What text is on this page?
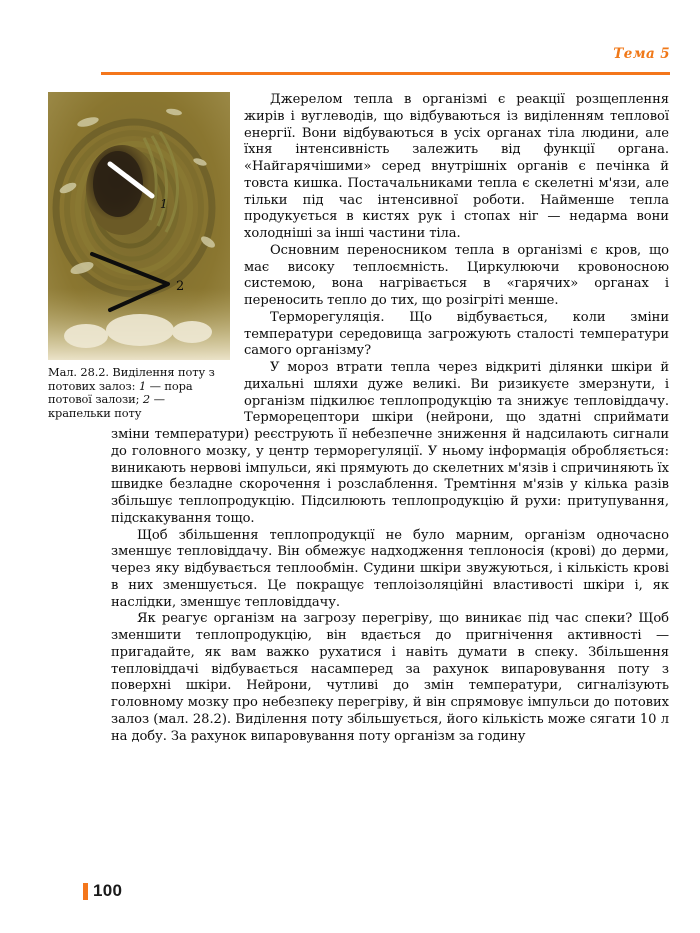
Тема 5
1
2
Мал. 28.2. Виділення поту з потових залоз: 1 — пора потової залози; 2 — крапельки поту

Джерелом тепла в організмі є реакції розщеплення жирів і вуглеводів, що відбуваються із виділенням теплової енергії. Вони відбуваються в усіх органах тіла людини, але їхня інтенсивність залежить від функції органа. «Найгарячішими» серед внутрішніх органів є печінка й товста кишка. Постачальниками тепла є скелетні м'язи, але тільки під час інтенсивної роботи. Найменше тепла продукується в кистях рук і стопах ніг — недарма вони холодніші за інші частини тіла.

Основним переносником тепла в організмі є кров, що має високу теплоємність. Циркулюючи кровоносною системою, вона нагрівається в «гарячих» органах і переносить тепло до тих, що розігріті менше.

Терморегуляція. Що відбувається, коли зміни температури середовища загрожують сталості температури самого організму?

У мороз втрати тепла через відкриті ділянки шкіри й дихальні шляхи дуже великі. Ви ризикуєте змерзнути, і організм підкилює теплопродукцію та знижує тепловіддачу. Терморецептори шкіри (нейрони, що здатні сприймати зміни температури) реєструють її небезпечне зниження й надсилають сигнали до головного мозку, у центр терморегуляції. У ньому інформація обробляється: виникають нервові імпульси, які прямують до скелетних м'язів і спричиняють їх швидке безладне скорочення і розслаблення. Тремтіння м'язів у кілька разів збільшує теплопродукцію. Підсилюють теплопродукцію й рухи: притупування, підскакування тощо.

Щоб збільшення теплопродукції не було марним, організм одночасно зменшує тепловіддачу. Він обмежує надходження теплоносія (крові) до дерми, через яку відбувається теплообмін. Судини шкіри звужуються, і кількість крові в них зменшується. Це покращує теплоізоляційні властивості шкіри і, як наслідки, зменшує тепловіддачу.

Як реагує організм на загрозу перегріву, що виникає під час спеки? Щоб зменшити теплопродукцію, він вдається до пригнічення активності — пригадайте, як вам важко рухатися і навіть думати в спеку. Збільшення тепловіддачі відбувається насамперед за рахунок випаровування поту з поверхні шкіри. Нейрони, чутливі до змін температури, сигналізують головному мозку про небезпеку перегріву, й він спрямовує імпульси до потових залоз (мал. 28.2). Виділення поту збільшується, його кількість може сягати 10 л на добу. За рахунок випаровування поту організм за годину

100
